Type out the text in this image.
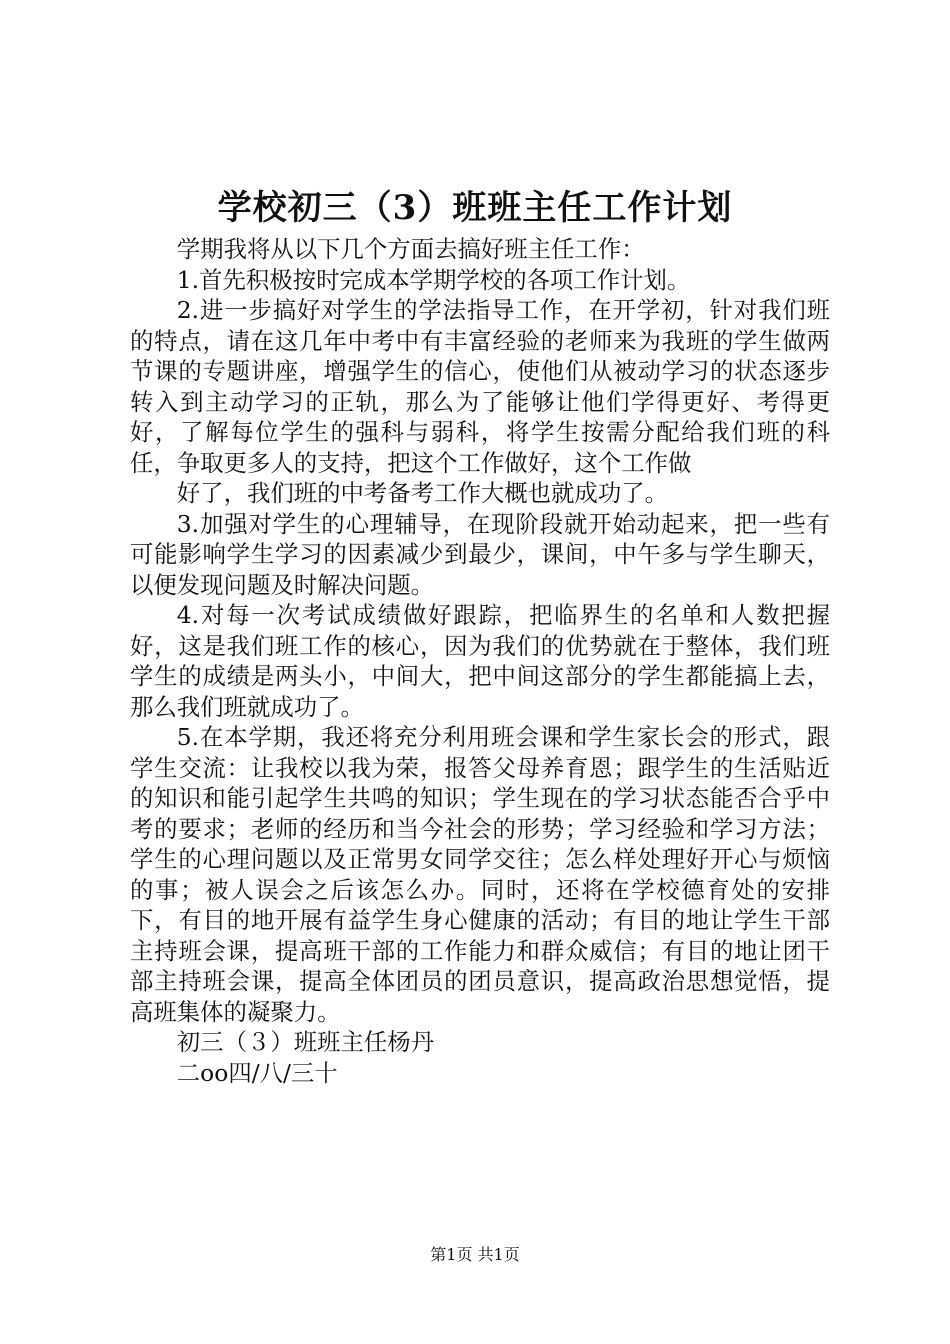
学校初三（3）班班主任工作计划

学期我将从以下几个方面去搞好班主任工作：

1.首先积极按时完成本学期学校的各项工作计划。

2.进一步搞好对学生的学法指导工作，在开学初，针对我们班的特点，请在这几年中考中有丰富经验的老师来为我班的学生做两节课的专题讲座，增强学生的信心，使他们从被动学习的状态逐步转入到主动学习的正轨，那么为了能够让他们学得更好、考得更好，了解每位学生的强科与弱科，将学生按需分配给我们班的科任，争取更多人的支持，把这个工作做好，这个工作做

好了，我们班的中考备考工作大概也就成功了。

3.加强对学生的心理辅导，在现阶段就开始动起来，把一些有可能影响学生学习的因素减少到最少，课间，中午多与学生聊天，以便发现问题及时解决问题。

4.对每一次考试成绩做好跟踪，把临界生的名单和人数把握好，这是我们班工作的核心，因为我们的优势就在于整体，我们班学生的成绩是两头小，中间大，把中间这部分的学生都能搞上去，那么我们班就成功了。

5.在本学期，我还将充分利用班会课和学生家长会的形式，跟学生交流：让我校以我为荣，报答父母养育恩；跟学生的生活贴近的知识和能引起学生共鸣的知识；学生现在的学习状态能否合乎中考的要求；老师的经历和当今社会的形势；学习经验和学习方法；学生的心理问题以及正常男女同学交往；怎么样处理好开心与烦恼的事；被人误会之后该怎么办。同时，还将在学校德育处的安排下，有目的地开展有益学生身心健康的活动；有目的地让学生干部主持班会课，提高班干部的工作能力和群众威信；有目的地让团干部主持班会课，提高全体团员的团员意识，提高政治思想觉悟，提高班集体的凝聚力。

初三（３）班班主任杨丹

二oo四/八/三十

第1页 共1页
